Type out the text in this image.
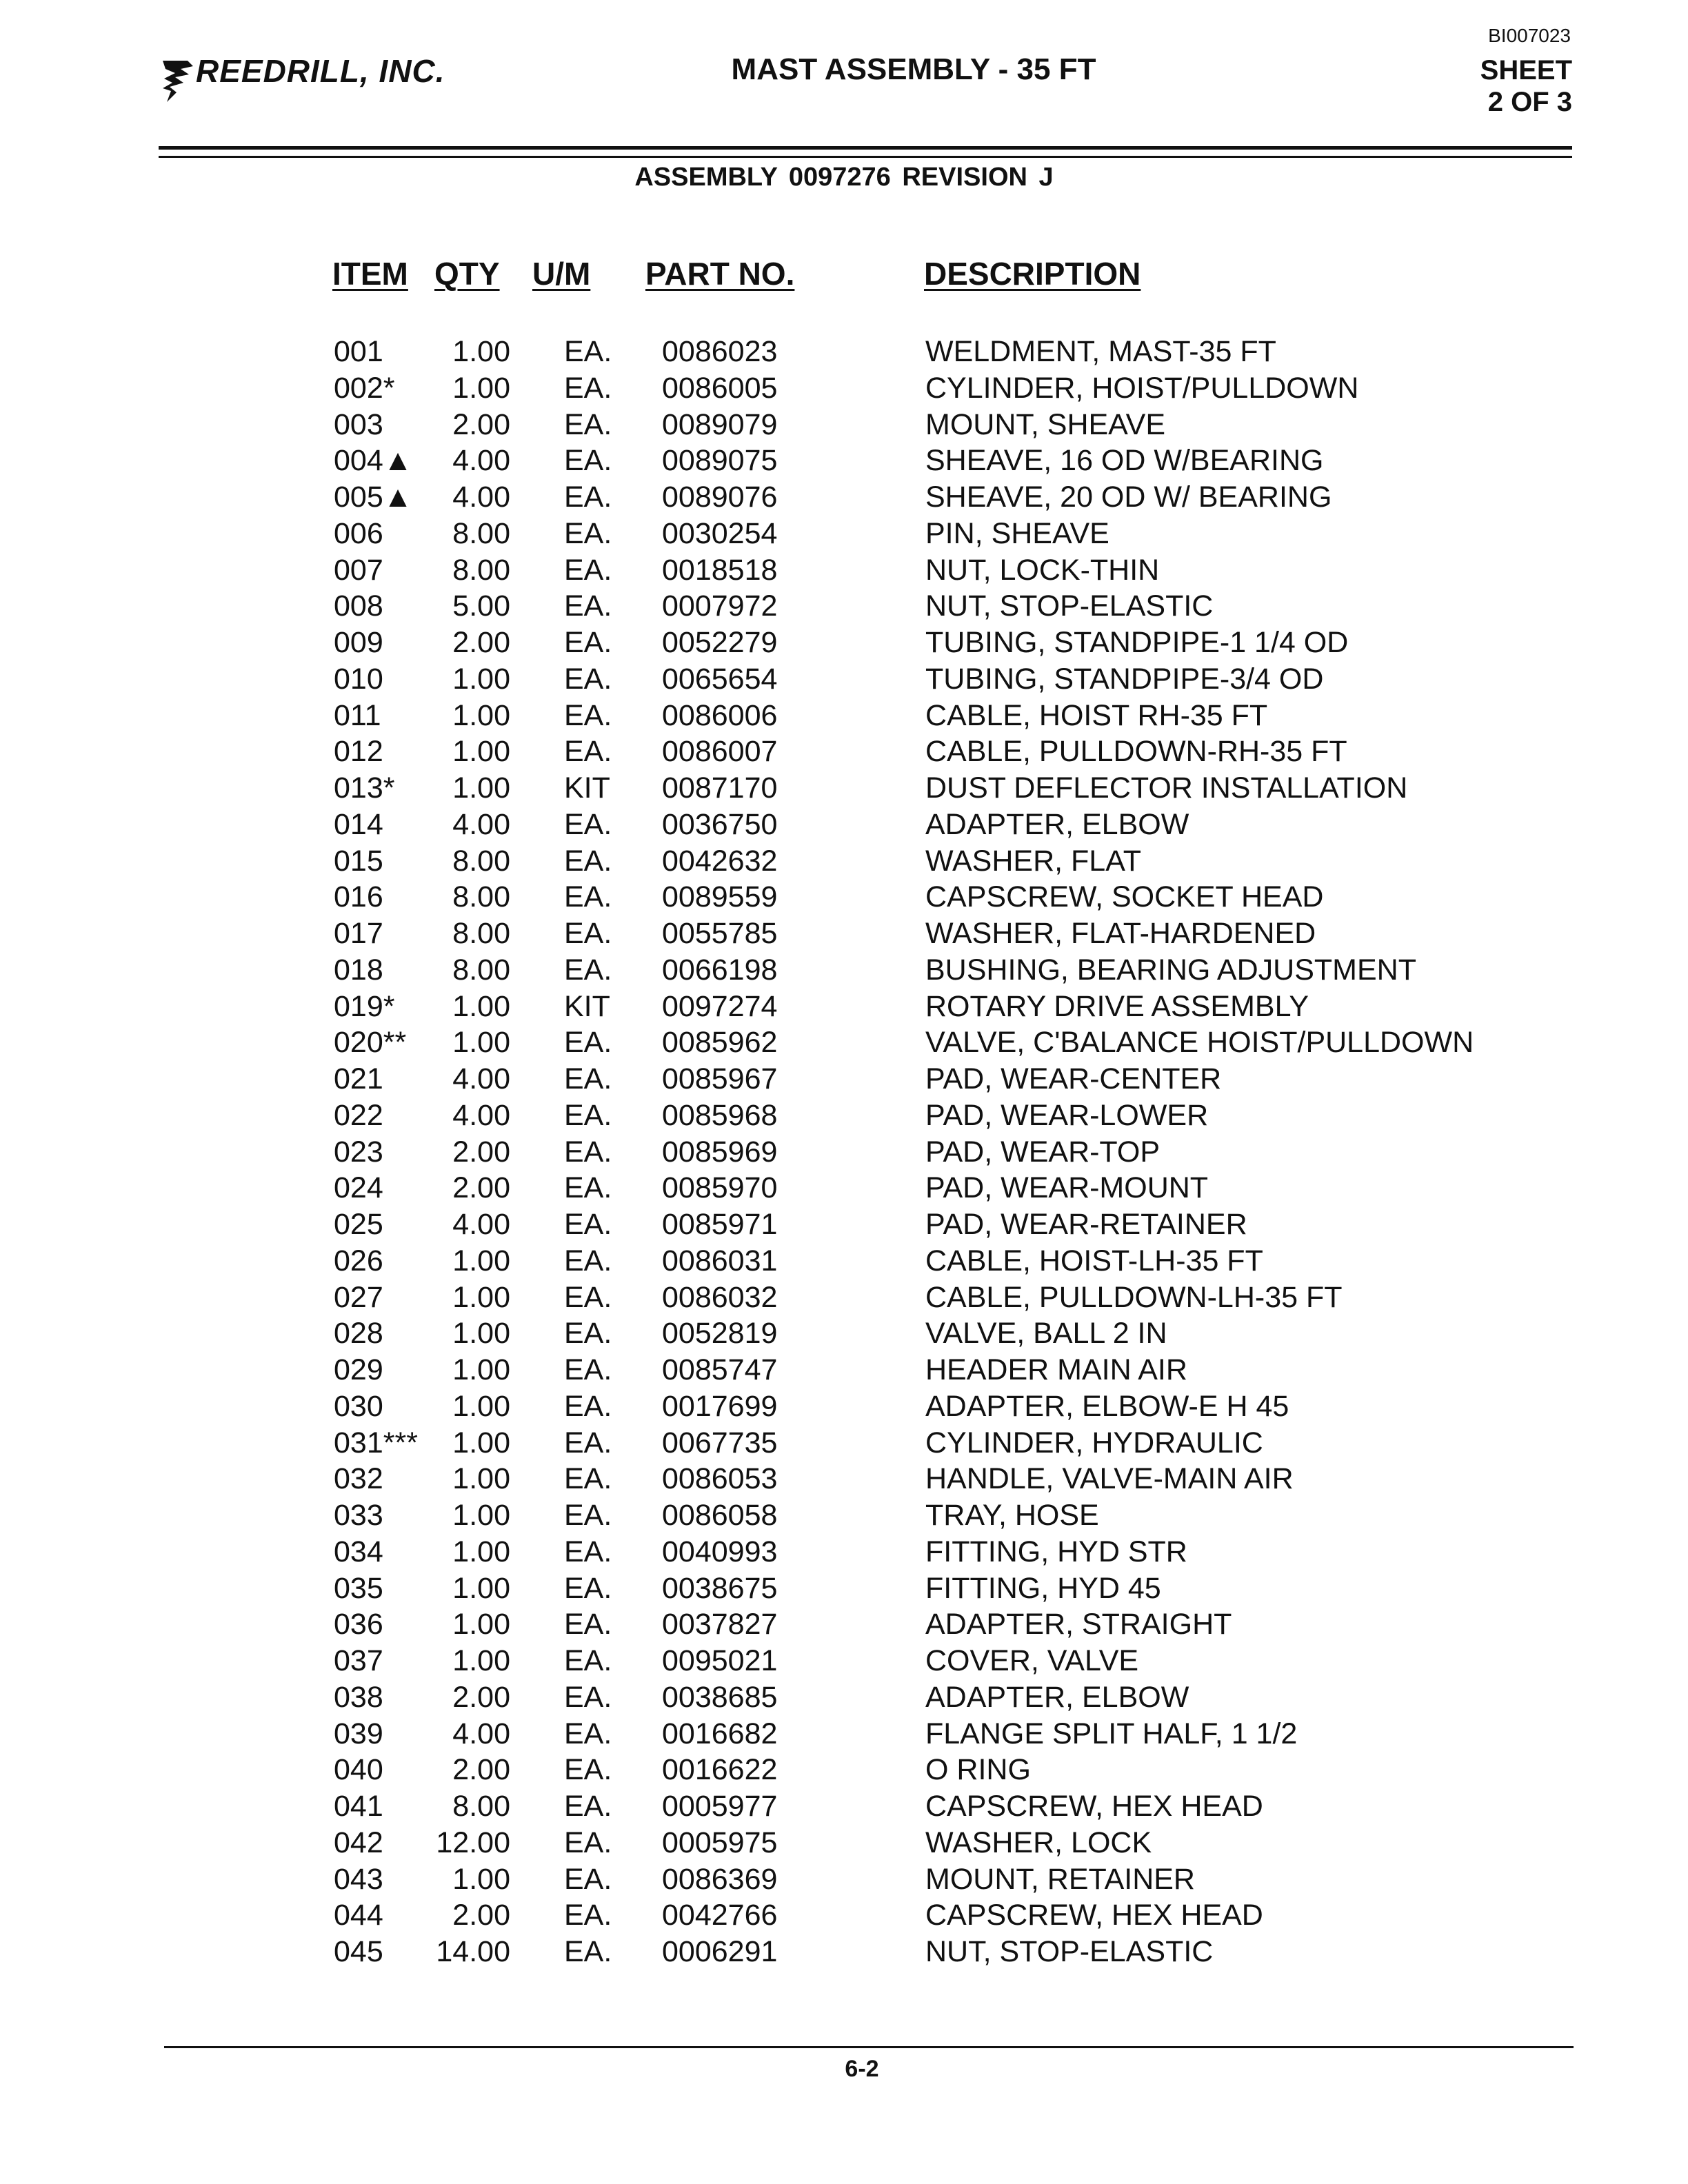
REEDRILL, INC.	MAST ASSEMBLY - 35 FT
BI007023
SHEET
2 OF 3
ASSEMBLY 0097276 REVISION J
ITEM QTY U/M PART NO.	DESCRIPTION
001	1.00 EA. 0086023	WELDMENT, MAST-35 FT
002*	1.00 EA. 0086005	CYLINDER, HOIST/PULLDOWN
003	2.00 EA. 0089079	MOUNT, SHEAVE
004▲	4.00 EA. 0089075	SHEAVE, 16 OD W/BEARING
005▲	4.00 EA. 0089076	SHEAVE, 20 OD W/ BEARING
006	8.00 EA. 0030254	PIN, SHEAVE
007	8.00 EA. 0018518	NUT, LOCK-THIN
008	5.00 EA. 0007972	NUT, STOP-ELASTIC
009	2.00 EA. 0052279	TUBING, STANDPIPE-1 1/4 OD
010	1.00 EA. 0065654	TUBING, STANDPIPE-3/4 OD
011	1.00 EA. 0086006	CABLE, HOIST RH-35 FT
012	1.00 EA. 0086007	CABLE, PULLDOWN-RH-35 FT
013*	1.00 KIT 0087170	DUST DEFLECTOR INSTALLATION
014	4.00 EA. 0036750	ADAPTER, ELBOW
015	8.00 EA. 0042632	WASHER, FLAT
016	8.00 EA. 0089559	CAPSCREW, SOCKET HEAD
017	8.00 EA. 0055785	WASHER, FLAT-HARDENED
018	8.00 EA. 0066198	BUSHING, BEARING ADJUSTMENT
019*	1.00 KIT 0097274	ROTARY DRIVE ASSEMBLY
020**	1.00 EA. 0085962	VALVE, C'BALANCE HOIST/PULLDOWN
021	4.00 EA. 0085967	PAD, WEAR-CENTER
022	4.00 EA. 0085968	PAD, WEAR-LOWER
023	2.00 EA. 0085969	PAD, WEAR-TOP
024	2.00 EA. 0085970	PAD, WEAR-MOUNT
025	4.00 EA. 0085971	PAD, WEAR-RETAINER
026	1.00 EA. 0086031	CABLE, HOIST-LH-35 FT
027	1.00 EA. 0086032	CABLE, PULLDOWN-LH-35 FT
028	1.00 EA. 0052819	VALVE, BALL 2 IN
029	1.00 EA. 0085747	HEADER MAIN AIR
030	1.00 EA. 0017699	ADAPTER, ELBOW-E H 45
031***	1.00 EA. 0067735	CYLINDER, HYDRAULIC
032	1.00 EA. 0086053	HANDLE, VALVE-MAIN AIR
033	1.00 EA. 0086058	TRAY, HOSE
034	1.00 EA. 0040993	FITTING, HYD STR
035	1.00 EA. 0038675	FITTING, HYD 45
036	1.00 EA. 0037827	ADAPTER, STRAIGHT
037	1.00 EA. 0095021	COVER, VALVE
038	2.00 EA. 0038685	ADAPTER, ELBOW
039	4.00 EA. 0016682	FLANGE SPLIT HALF, 1 1/2
040	2.00 EA. 0016622	O RING
041	8.00 EA. 0005977	CAPSCREW, HEX HEAD
042	12.00 EA. 0005975	WASHER, LOCK
043	1.00 EA. 0086369	MOUNT, RETAINER
044	2.00 EA. 0042766	CAPSCREW, HEX HEAD
045	14.00 EA. 0006291	NUT, STOP-ELASTIC
6-2
